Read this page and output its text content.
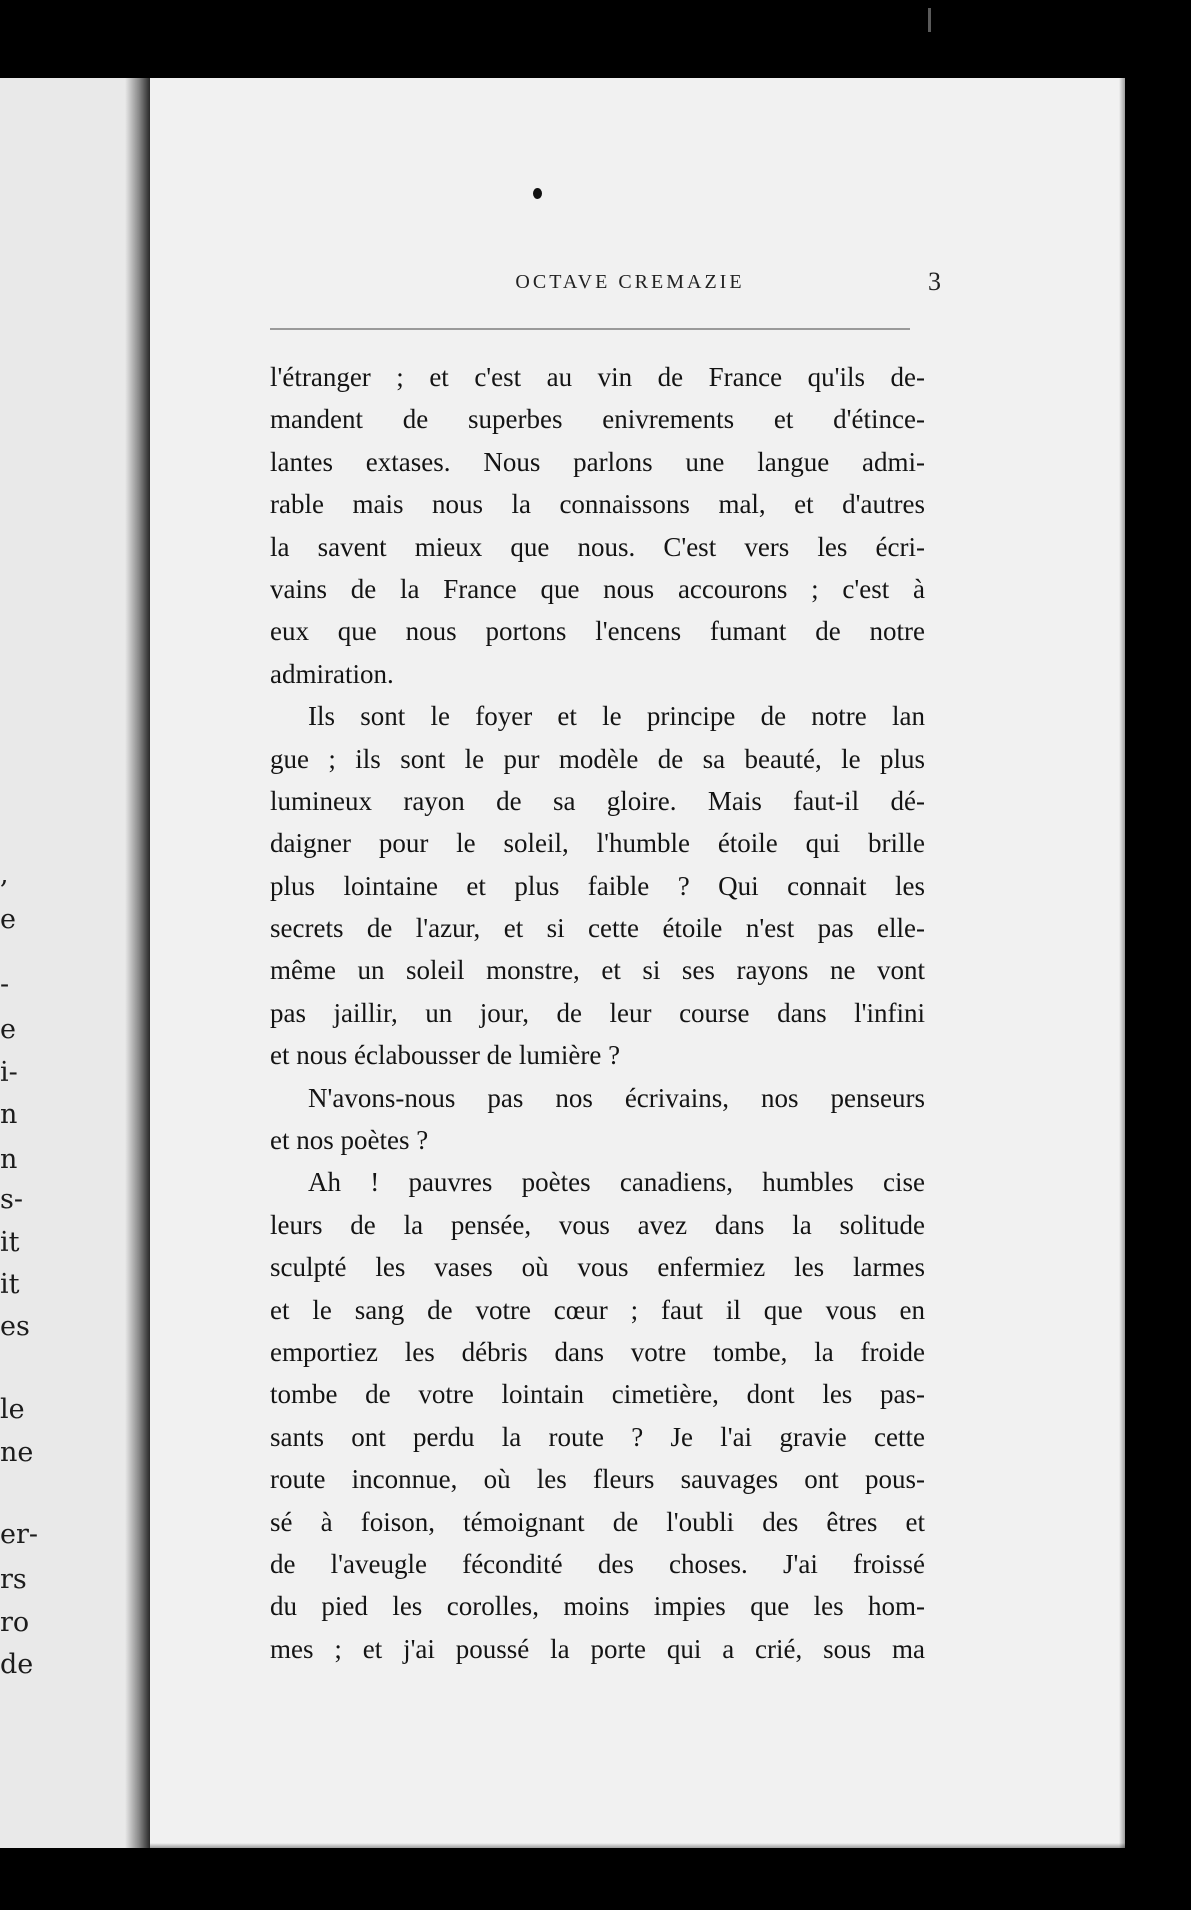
,
e
-
e
i-
n
n
s-
it
it
es
le
ne
er-
rs
ro
de
OCTAVE CREMAZIE	3
l'étranger ; et c'est au vin de France qu'ils de-
mandent de superbes enivrements et d'étince-
lantes extases. Nous parlons une langue admi-
rable mais nous la connaissons mal, et d'autres
la savent mieux que nous. C'est vers les écri-
vains de la France que nous accourons ; c'est à
eux que nous portons l'encens fumant de notre
admiration.
Ils sont le foyer et le principe de notre lan
gue ; ils sont le pur modèle de sa beauté, le plus
lumineux rayon de sa gloire. Mais faut-il dé-
daigner pour le soleil, l'humble étoile qui brille
plus lointaine et plus faible ? Qui connait les
secrets de l'azur, et si cette étoile n'est pas elle-
même un soleil monstre, et si ses rayons ne vont
pas jaillir, un jour, de leur course dans l'infini
et nous éclabousser de lumière ?
N'avons-nous pas nos écrivains, nos penseurs
et nos poètes ?
Ah ! pauvres poètes canadiens, humbles cise
leurs de la pensée, vous avez dans la solitude
sculpté les vases où vous enfermiez les larmes
et le sang de votre cœur ; faut il que vous en
emportiez les débris dans votre tombe, la froide
tombe de votre lointain cimetière, dont les pas-
sants ont perdu la route ? Je l'ai gravie cette
route inconnue, où les fleurs sauvages ont pous-
sé à foison, témoignant de l'oubli des êtres et
de l'aveugle fécondité des choses. J'ai froissé
du pied les corolles, moins impies que les hom-
mes ; et j'ai poussé la porte qui a crié, sous ma
